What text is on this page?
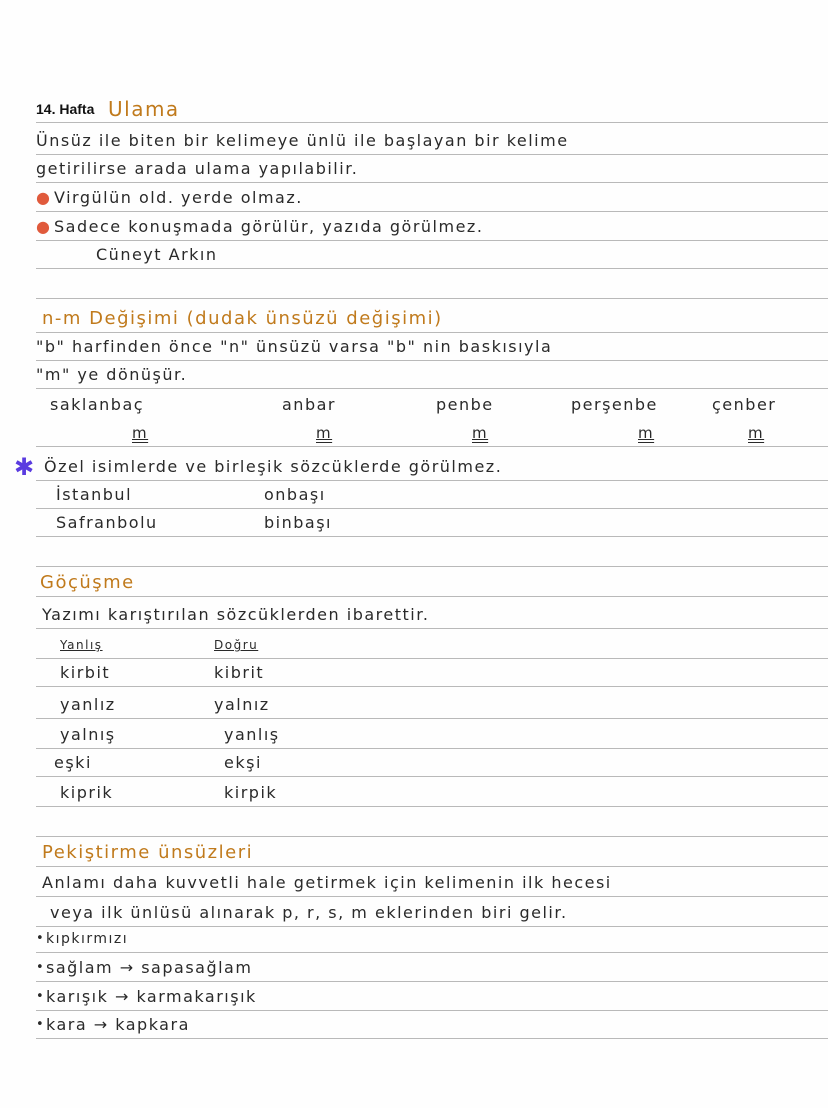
14. Hafta Ulama
Ünsüz ile biten bir kelimeye ünlü ile başlayan bir kelime
getirilirse arada ulama yapılabilir.
● Virgülün old. yerde olmaz.
● Sadece konuşmada görülür, yazıda görülmez.
Cüneyt Arkın
n-m Değişimi (dudak ünsüzü değişimi)
"b" harfinden önce "n" ünsüzü varsa "b" nin baskısıyla
"m" ye dönüşür.
saklanbaç	anbar	penbe	perşenbe	çenber
m	m	m	m	m
✱ Özel isimlerde ve birleşik sözcüklerde görülmez.
İstanbul	onbaşı
Safranbolu	binbaşı
Göçüşme
Yazımı karıştırılan sözcüklerden ibarettir.
Yanlış	Doğru
kirbit	kibrit
yanlız	yalnız
yalnış	yanlış
eşki	ekşi
kiprik	kirpik
Pekiştirme ünsüzleri
Anlamı daha kuvvetli hale getirmek için kelimenin ilk hecesi
veya ilk ünlüsü alınarak p, r, s, m eklerinden biri gelir.
• kıpkırmızı
• sağlam → sapasağlam
• karışık → karmakarışık
• kara → kapkara
